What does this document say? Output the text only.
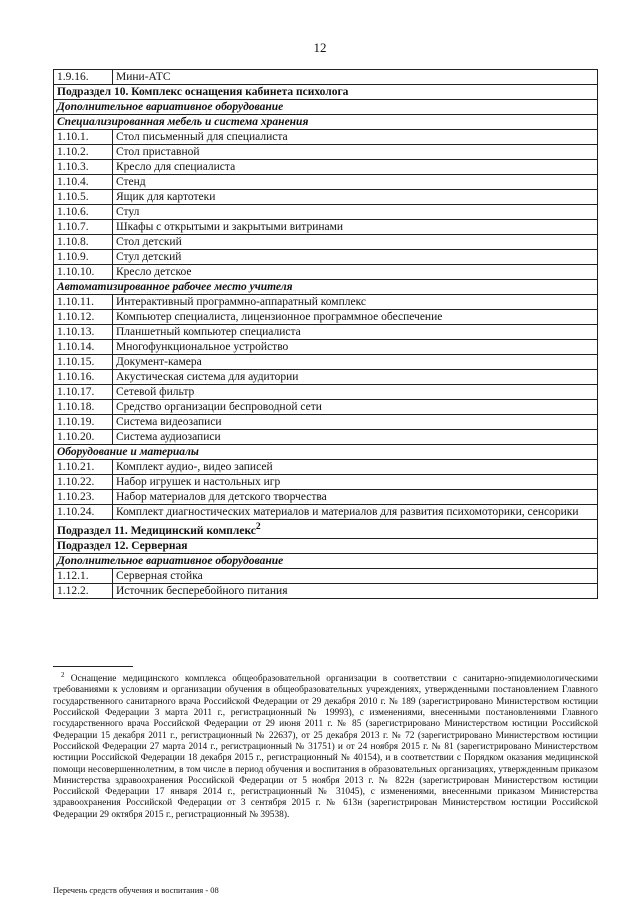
12
1.9.16.	Мини-АТС
Подраздел 10. Комплекс оснащения кабинета психолога	
Дополнительное вариативное оборудование	
Специализированная мебель и система хранения	
1.10.1.	Стол письменный для специалиста
1.10.2.	Стол приставной
1.10.3.	Кресло для специалиста
1.10.4.	Стенд
1.10.5.	Ящик для картотеки
1.10.6.	Стул
1.10.7.	Шкафы с открытыми и закрытыми витринами
1.10.8.	Стол детский
1.10.9.	Стул детский
1.10.10.	Кресло детское
Автоматизированное рабочее место учителя	
1.10.11.	Интерактивный программно-аппаратный комплекс
1.10.12.	Компьютер специалиста, лицензионное программное обеспечение
1.10.13.	Планшетный компьютер специалиста
1.10.14.	Многофункциональное устройство
1.10.15.	Документ-камера
1.10.16.	Акустическая система для аудитории
1.10.17.	Сетевой фильтр
1.10.18.	Средство организации беспроводной сети
1.10.19.	Система видеозаписи
1.10.20.	Система аудиозаписи
Оборудование и материалы	
1.10.21.	Комплект аудио-, видео записей
1.10.22.	Набор игрушек и настольных игр
1.10.23.	Набор материалов для детского творчества
1.10.24.	Комплект диагностических материалов и материалов для развития психомоторики, сенсорики
Подраздел 11. Медицинский комплекс$^2$
Подраздел 12. Серверная	
Дополнительное вариативное оборудование	
1.12.1.	Серверная стойка
1.12.2.	Источник бесперебойного питания
$^2$ Оснащение медицинского комплекса общеобразовательной организации в соответствии с санитарно-эпидемиологическими требованиями к условиям и организации обучения в общеобразовательных учреждениях, утвержденными постановлением Главного государственного санитарного врача Российской Федерации от 29 декабря 2010 г. № 189 (зарегистрировано Министерством юстиции Российской Федерации 3 марта 2011 г., регистрационный № 19993), с изменениями, внесенными постановлениями Главного государственного врача Российской Федерации от 29 июня 2011 г. № 85 (зарегистрировано Министерством юстиции Российской Федерации 15 декабря 2011 г., регистрационный № 22637), от 25 декабря 2013 г. № 72 (зарегистрировано Министерством юстиции Российской Федерации 27 марта 2014 г., регистрационный № 31751) и от 24 ноября 2015 г. № 81 (зарегистрировано Министерством юстиции Российской Федерации 18 декабря 2015 г., регистрационный № 40154), и в соответствии с Порядком оказания медицинской помощи несовершеннолетним, в том числе в период обучения и воспитания в образовательных организациях, утвержденным приказом Министерства здравоохранения Российской Федерации от 5 ноября 2013 г. № 822н (зарегистрирован Министерством юстиции Российской Федерации 17 января 2014 г., регистрационный № 31045), с изменениями, внесенными приказом Министерства здравоохранения Российской Федерации от 3 сентября 2015 г. № 613н (зарегистрирован Министерством юстиции Российской Федерации 29 октября 2015 г., регистрационный № 39538).
Перечень средств обучения и воспитания - 08
